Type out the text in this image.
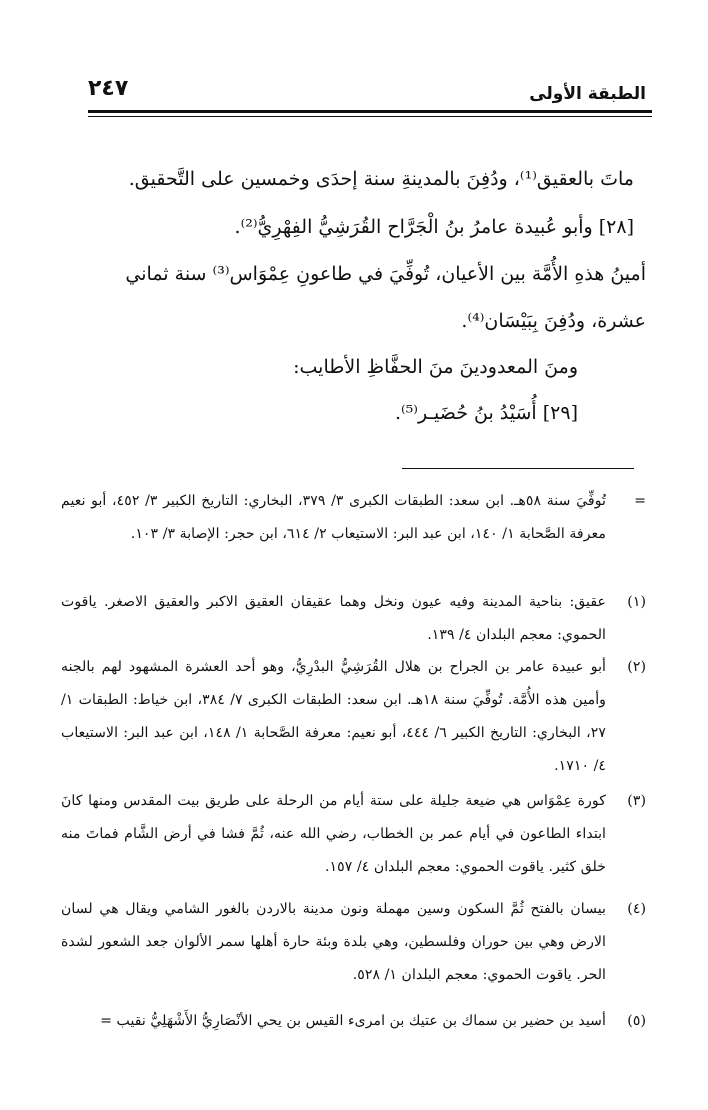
الطبقة الأولى
٢٤٧
ماتَ بالعقيق⁽¹⁾، ودُفِنَ بالمدينةِ سنة إحدَى وخمسين على التَّحقيق.
[٢٨] وأبو عُبيدة عامرُ بنُ الْجَرَّاح القُرَشِيُّ الفِهْرِيُّ⁽²⁾.
أمينُ هذهِ الأُمَّة بين الأعيان، تُوفِّيَ في طاعونِ عِمْوَاس⁽³⁾ سنة ثماني
عشرة، ودُفِنَ بِبَيْسَان⁽⁴⁾.
ومنَ المعدودينَ منَ الحفَّاظِ الأطايب:
[٢٩] أُسَيْدُ بنُ حُضَيـر⁽⁵⁾.
=
تُوفِّيَ سنة ٥٨هـ. ابن سعد: الطبقات الكبرى ٣/ ٣٧٩، البخاري: التاريخ الكبير ٣/ ٤٥٢، أبو نعيم معرفة الصَّحابة ١/ ١٤٠، ابن عبد البر: الاستيعاب ٢/ ٦١٤، ابن حجر: الإصابة ٣/ ١٠٣.
(١)
عقيق: بناحية المدينة وفيه عيون ونخل وهما عقيقان العقيق الاكبر والعقيق الاصغر. ياقوت الحموي: معجم البلدان ٤/ ١٣٩.
(٢)
أبو عبيدة عامر بن الجراح بن هلال القُرَشِيُّ البدْرِيُّ، وهو أحد العشرة المشهود لهم بالجنه وأمين هذه الأُمَّة. تُوفِّيَ سنة ١٨هـ. ابن سعد: الطبقات الكبرى ٧/ ٣٨٤، ابن خياط: الطبقات ١/ ٢٧، البخاري: التاريخ الكبير ٦/ ٤٤٤، أبو نعيم: معرفة الصَّحابة ١/ ١٤٨، ابن عبد البر: الاستيعاب ٤/ ١٧١٠.
(٣)
كورة عِمْوَاس هي ضيعة جليلة على ستة أيام من الرحلة على طريق بيت المقدس ومنها كانَ ابتداء الطاعون في أيام عمر بن الخطاب، رضي الله عنه، ثُمَّ فشا في أرض الشَّام فماتَ منه خلق كثير. ياقوت الحموي: معجم البلدان ٤/ ١٥٧.
(٤)
بيسان بالفتح ثُمَّ السكون وسين مهملة ونون مدينة بالاردن بالغور الشامي ويقال هي لسان الارض وهي بين حوران وفلسطين، وهي بلدة وبئة حارة أهلها سمر الألوان جعد الشعور لشدة الحر. ياقوت الحموي: معجم البلدان ١/ ٥٢٨.
(٥)
أسيد بن حضير بن سماك بن عتيك بن امرىء القيس بن يحي الأنْصَارِيُّ الأَشْهَلِيُّ نقيب =
